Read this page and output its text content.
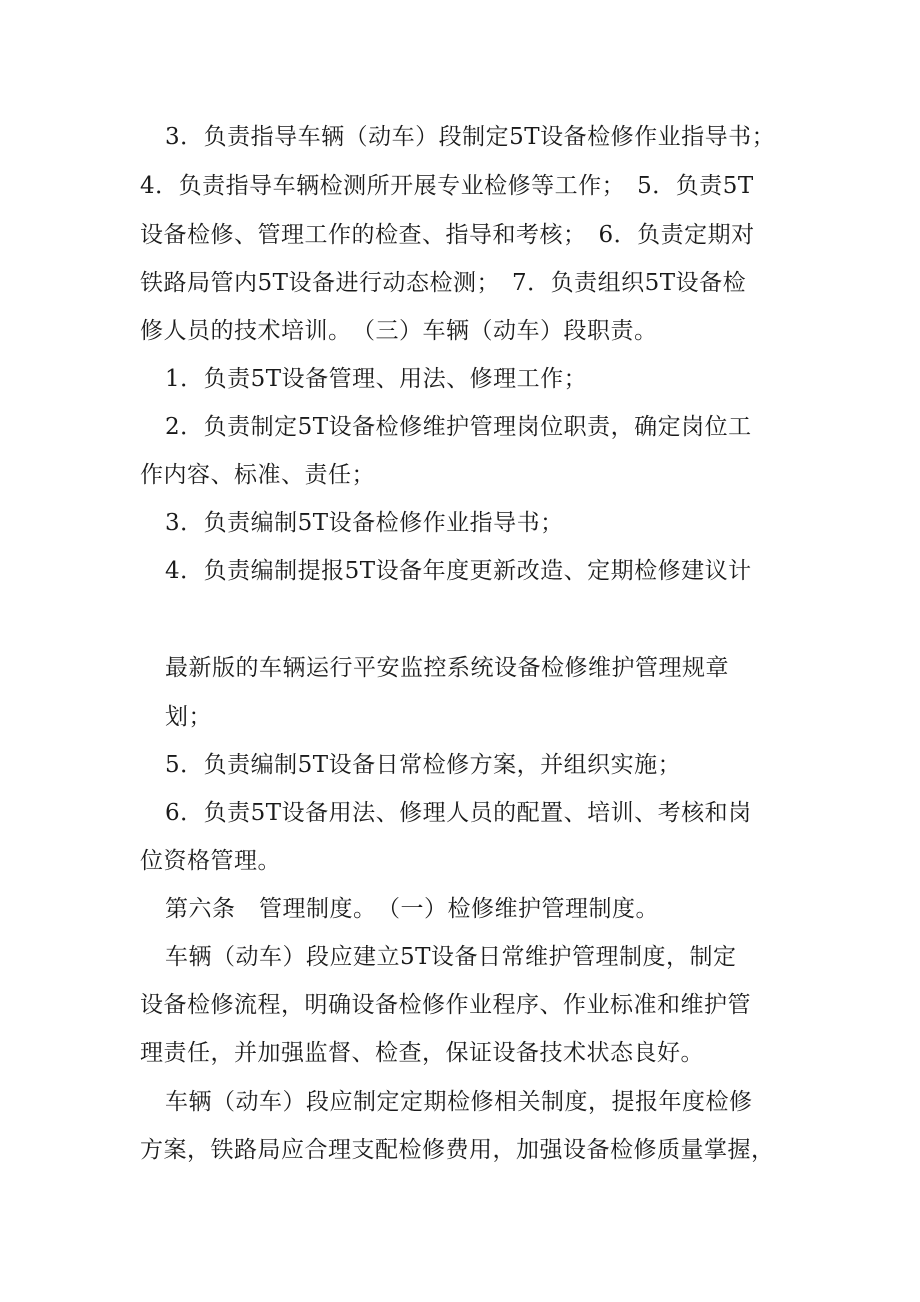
3．负责指导车辆（动车）段制定5T设备检修作业指导书；
4．负责指导车辆检测所开展专业检修等工作；　5．负责5T
设备检修、管理工作的检查、指导和考核；　6．负责定期对
铁路局管内5T设备进行动态检测；　7．负责组织5T设备检
修人员的技术培训。　（三）车辆（动车）段职责。
1．负责5T设备管理、用法、修理工作；
2．负责制定5T设备检修维护管理岗位职责，确定岗位工
作内容、标准、责任；
3．负责编制5T设备检修作业指导书；
4．负责编制提报5T设备年度更新改造、定期检修建议计
最新版的车辆运行平安监控系统设备检修维护管理规章
划；
5．负责编制5T设备日常检修方案，并组织实施；
6．负责5T设备用法、修理人员的配置、培训、考核和岗
位资格管理。
第六条　管理制度。　（一）检修维护管理制度。
车辆（动车）段应建立5T设备日常维护管理制度，制定
设备检修流程，明确设备检修作业程序、作业标准和维护管
理责任，并加强监督、检查，保证设备技术状态良好。
车辆（动车）段应制定定期检修相关制度，提报年度检修
方案，铁路局应合理支配检修费用，加强设备检修质量掌握，
